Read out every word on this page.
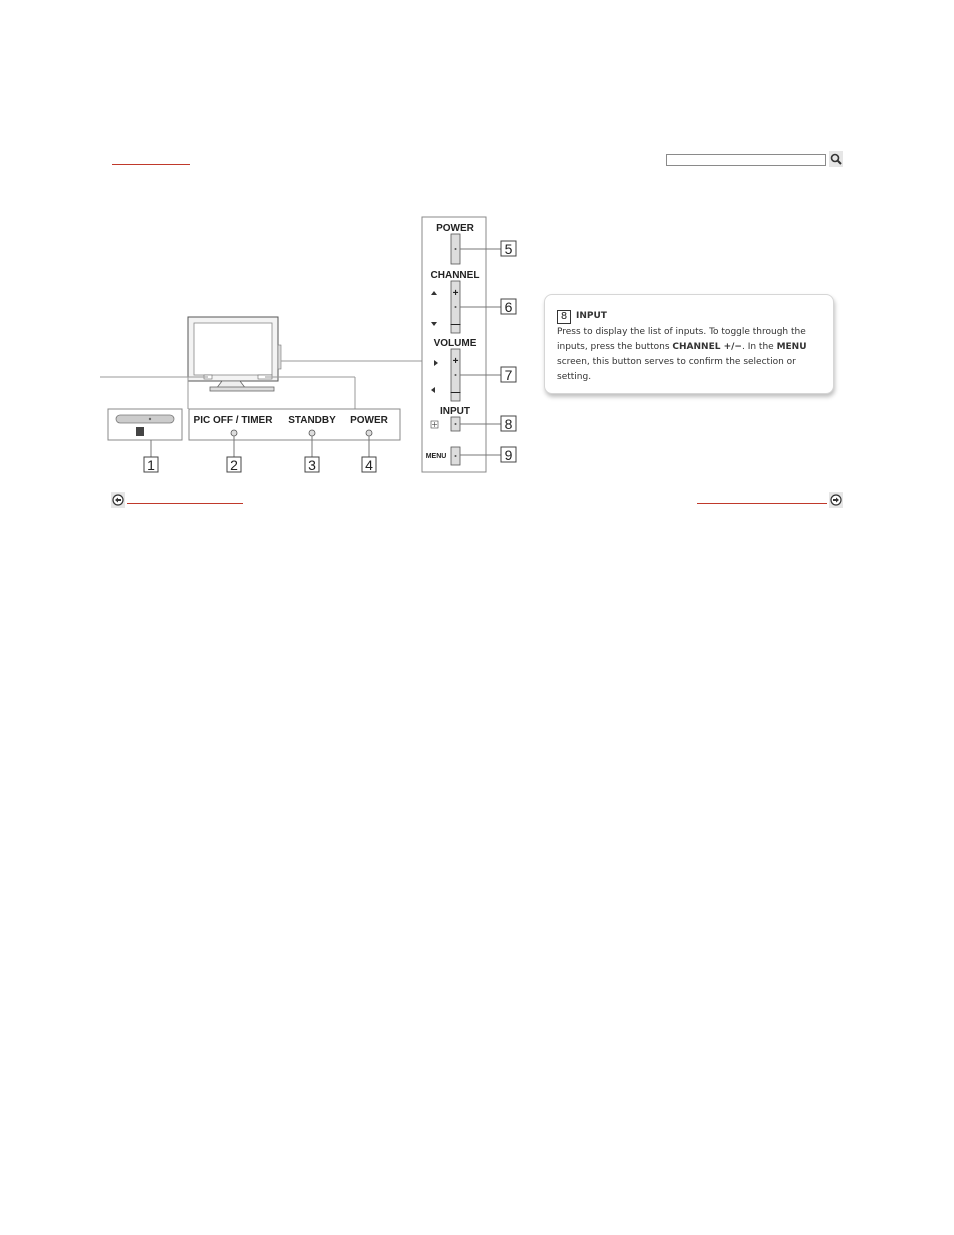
1
PIC OFF / TIMER STANDBY POWER
2	3	4
POWER
CHANNEL
+
—
VOLUME
+
—
INPUT
MENU
5
6
7
8
9
8 INPUT
Press to display the list of inputs. To toggle through the inputs, press the buttons CHANNEL +/−. In the MENU screen, this button serves to confirm the selection or setting.
